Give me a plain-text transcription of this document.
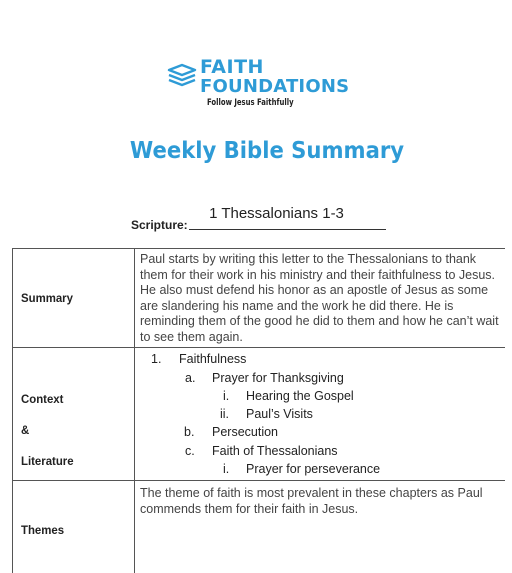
FAITH
FOUNDATIONS
Follow Jesus Faithfully
Weekly Bible Summary
Scripture:
1 Thessalonians 1-3
Summary
Paul starts by writing this letter to the Thessalonians to thank them for their work in his ministry and their faithfulness to Jesus. He also must defend his honor as an apostle of Jesus as some are slandering his name and the work he did there. He is reminding them of the good he did to them and how he can’t wait to see them again.
Context
&
Literature
1. Faithfulness
a. Prayer for Thanksgiving
i. Hearing the Gospel
ii. Paul’s Visits
b. Persecution
c. Faith of Thessalonians
i. Prayer for perseverance
Themes
The theme of faith is most prevalent in these chapters as Paul commends them for their faith in Jesus.
